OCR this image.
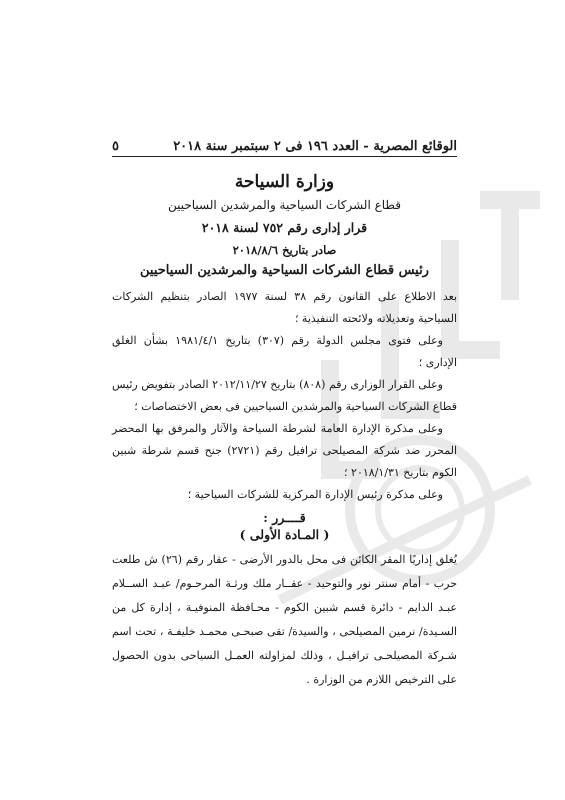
الوقائع المصرية - العدد ١٩٦ فى ٢ سبتمبر سنة ٢٠١٨
٥
وزارة السياحة
قطاع الشركات السياحية والمرشدين السياحيين
قرار إدارى رقم ٧٥٢ لسنة ٢٠١٨
صادر بتاريخ ٢٠١٨/٨/٦
رئيس قطاع الشركات السياحية والمرشدين السياحيين

بعد الاطلاع على القانون رقم ٣٨ لسنة ١٩٧٧ الصادر بتنظيم الشركات السياحية وتعديلاته ولائحته التنفيذية ؛

وعلى فتوى مجلس الدولة رقم (٣٠٧) بتاريخ ١٩٨١/٤/١ بشأن الغلق الإدارى ؛

وعلى القرار الوزارى رقم (٨٠٨) بتاريخ ٢٠١٢/١١/٢٧ الصادر بتفويض رئيس قطاع الشركات السياحية والمرشدين السياحيين فى بعض الاختصاصات ؛

وعلى مذكرة الإدارة العامة لشرطة السياحة والآثار والمرفق بها المحضر المحرر ضد شركة المصيلحى ترافيل رقم (٢٧٢١) جنح قسم شرطة شبين الكوم بتاريخ ٢٠١٨/١/٣١ ؛

وعلى مذكرة رئيس الإدارة المركزية للشركات السياحية ؛

قــــرر :
( المـادة الأولى )

يُغلق إداريًا المقر الكائن فى محل بالدور الأرضى - عقار رقم (٢٦) ش طلعت حرب - أمام سنتر نور والتوحيد - عقــار ملك ورثـة المرحـوم/ عبـد الســلام عبـد الدايم - دائرة قسم شبين الكوم - محـافظة المنوفيـة ، إدارة كل من السـيدة/ نرمين المصيلحى ، والسيدة/ تقى صبحـى محمـد خليفـة ، تحت اسم شـركة المصيلحـى ترافيـل ، وذلك لمزاولته العمـل السياحى بدون الحصول على الترخيص اللازم من الوزارة .
